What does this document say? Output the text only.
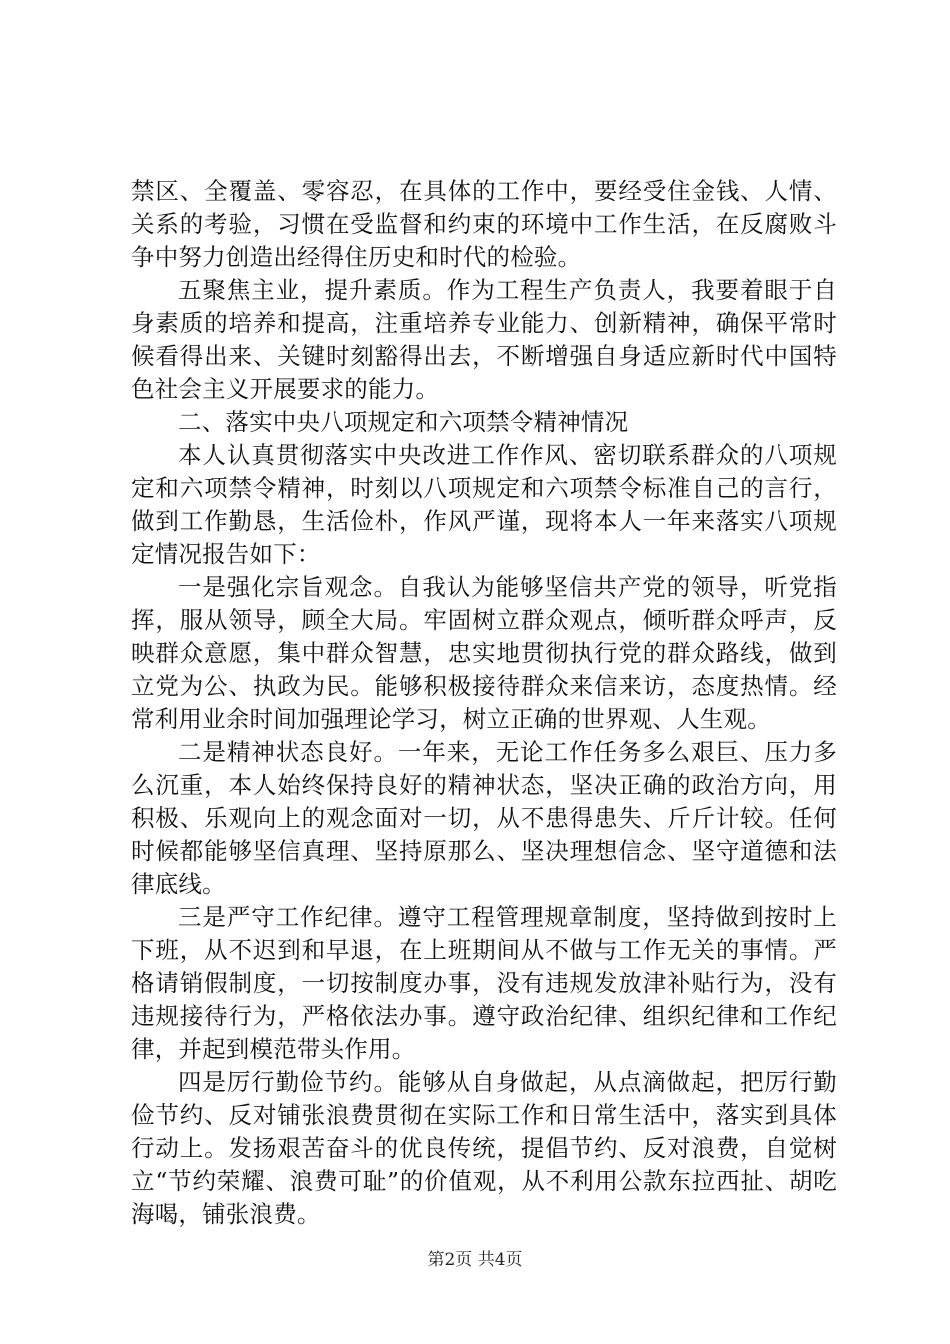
禁区、全覆盖、零容忍，在具体的工作中，要经受住金钱、人情、关系的考验，习惯在受监督和约束的环境中工作生活，在反腐败斗争中努力创造出经得住历史和时代的检验。

五聚焦主业，提升素质。作为工程生产负责人，我要着眼于自身素质的培养和提高，注重培养专业能力、创新精神，确保平常时候看得出来、关键时刻豁得出去，不断增强自身适应新时代中国特色社会主义开展要求的能力。

二、落实中央八项规定和六项禁令精神情况

本人认真贯彻落实中央改进工作作风、密切联系群众的八项规定和六项禁令精神，时刻以八项规定和六项禁令标准自己的言行，做到工作勤恳，生活俭朴，作风严谨，现将本人一年来落实八项规定情况报告如下：

一是强化宗旨观念。自我认为能够坚信共产党的领导，听党指挥，服从领导，顾全大局。牢固树立群众观点，倾听群众呼声，反映群众意愿，集中群众智慧，忠实地贯彻执行党的群众路线，做到立党为公、执政为民。能够积极接待群众来信来访，态度热情。经常利用业余时间加强理论学习，树立正确的世界观、人生观。

二是精神状态良好。一年来，无论工作任务多么艰巨、压力多么沉重，本人始终保持良好的精神状态，坚决正确的政治方向，用积极、乐观向上的观念面对一切，从不患得患失、斤斤计较。任何时候都能够坚信真理、坚持原那么、坚决理想信念、坚守道德和法律底线。

三是严守工作纪律。遵守工程管理规章制度，坚持做到按时上下班，从不迟到和早退，在上班期间从不做与工作无关的事情。严格请销假制度，一切按制度办事，没有违规发放津补贴行为，没有违规接待行为，严格依法办事。遵守政治纪律、组织纪律和工作纪律，并起到模范带头作用。

四是厉行勤俭节约。能够从自身做起，从点滴做起，把厉行勤俭节约、反对铺张浪费贯彻在实际工作和日常生活中，落实到具体行动上。发扬艰苦奋斗的优良传统，提倡节约、反对浪费，自觉树立“节约荣耀、浪费可耻”的价值观，从不利用公款东拉西扯、胡吃海喝，铺张浪费。

第2页 共4页
